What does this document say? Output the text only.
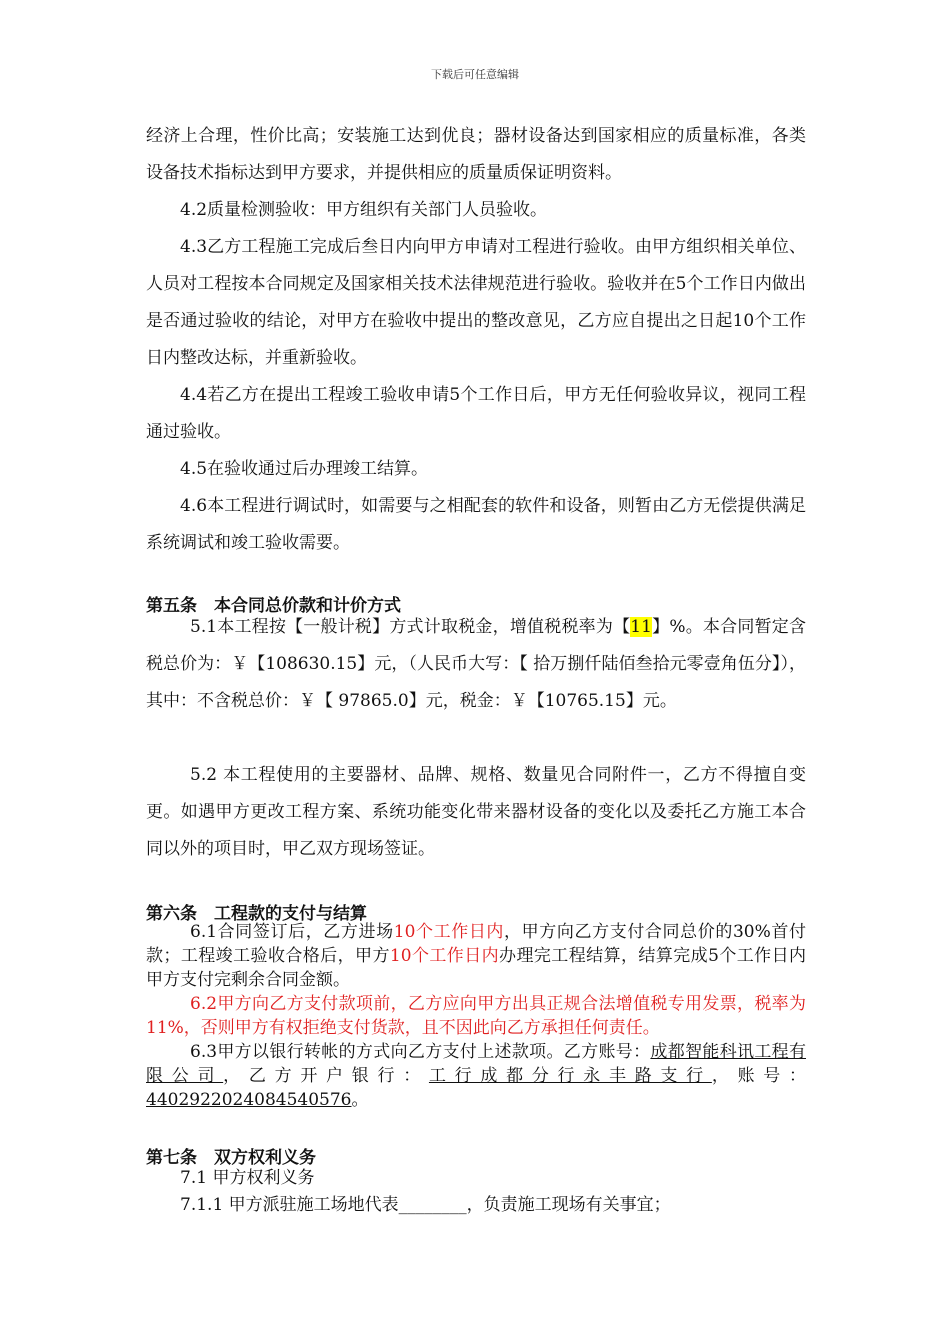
下载后可任意编辑

经济上合理，性价比高；安装施工达到优良；器材设备达到国家相应的质量标准，各类设备技术指标达到甲方要求，并提供相应的质量质保证明资料。

4.2质量检测验收：甲方组织有关部门人员验收。

4.3乙方工程施工完成后叁日内向甲方申请对工程进行验收。由甲方组织相关单位、人员对工程按本合同规定及国家相关技术法律规范进行验收。验收并在5个工作日内做出是否通过验收的结论，对甲方在验收中提出的整改意见，乙方应自提出之日起10个工作日内整改达标，并重新验收。

4.4若乙方在提出工程竣工验收申请5个工作日后，甲方无任何验收异议，视同工程通过验收。

4.5在验收通过后办理竣工结算。

4.6本工程进行调试时，如需要与之相配套的软件和设备，则暂由乙方无偿提供满足系统调试和竣工验收需要。

第五条　本合同总价款和计价方式

5.1本工程按【一般计税】方式计取税金，增值税税率为【11】%。本合同暂定含税总价为：￥【108630.15】元，（人民币大写：【 拾万捌仟陆佰叁拾元零壹角伍分】），其中：不含税总价：￥【 97865.0】元，税金：￥【10765.15】元。

5.2 本工程使用的主要器材、品牌、规格、数量见合同附件一，乙方不得擅自变更。如遇甲方更改工程方案、系统功能变化带来器材设备的变化以及委托乙方施工本合同以外的项目时，甲乙双方现场签证。

第六条　工程款的支付与结算

6.1合同签订后，乙方进场10个工作日内，甲方向乙方支付合同总价的30%首付款；工程竣工验收合格后，甲方10个工作日内办理完工程结算，结算完成5个工作日内甲方支付完剩余合同金额。

6.2甲方向乙方支付款项前，乙方应向甲方出具正规合法增值税专用发票，税率为11%，否则甲方有权拒绝支付货款，且不因此向乙方承担任何责任。

6.3甲方以银行转帐的方式向乙方支付上述款项。乙方账号：成都智能科讯工程有限公司，乙方开户银行：工行成都分行永丰路支行，账号：4402922024084540576。

第七条　双方权利义务

7.1 甲方权利义务

7.1.1 甲方派驻施工场地代表________，负责施工现场有关事宜；
